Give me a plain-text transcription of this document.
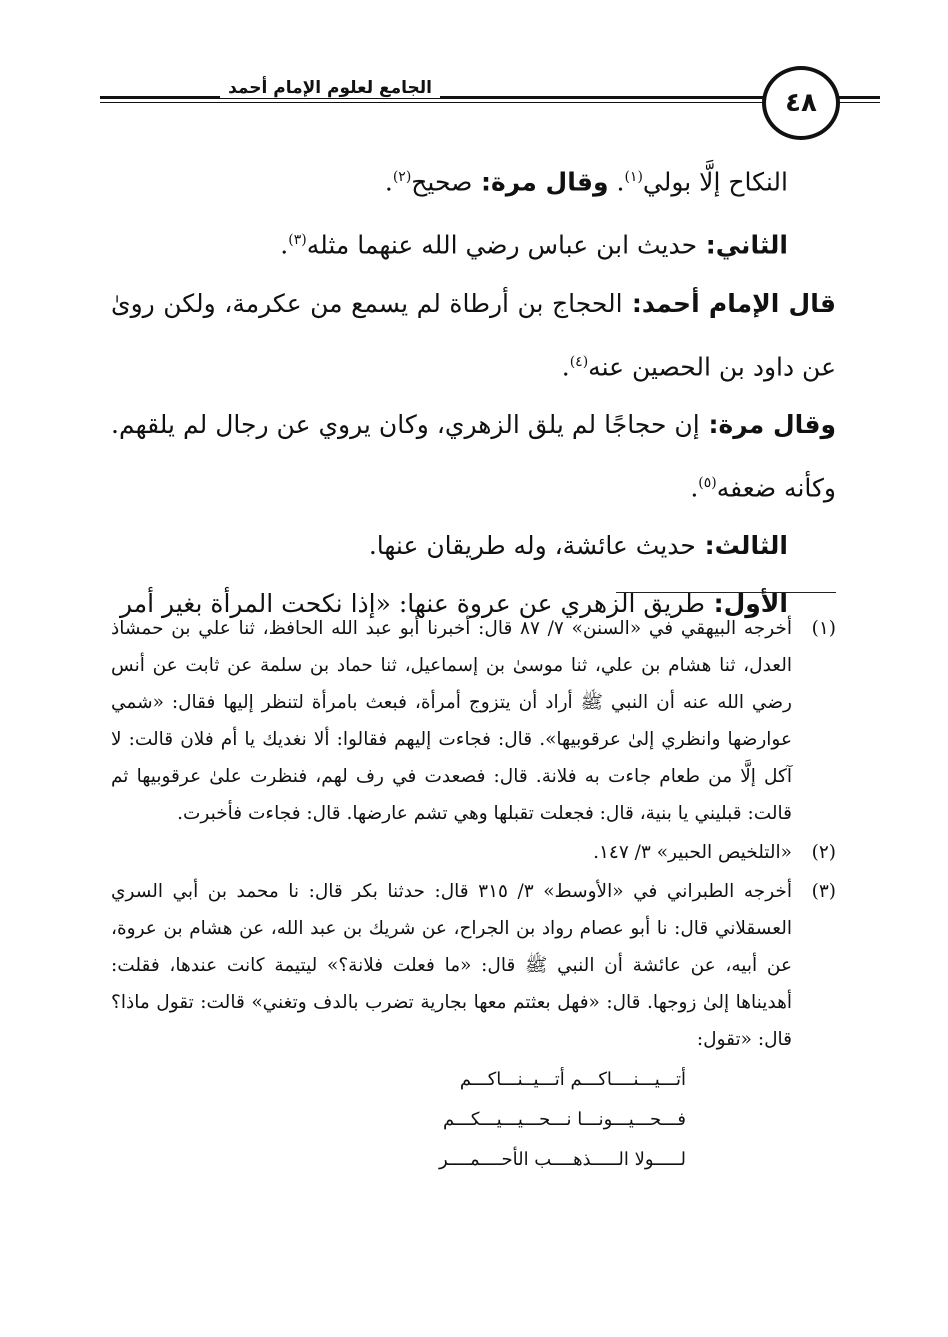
٤٨
الجامع لعلوم الإمام أحمد

النكاح إلَّا بولي$^{(١)}$. وقال مرة: صحيح$^{(٢)}$.

الثاني: حديث ابن عباس رضي الله عنهما مثله$^{(٣)}$.

قال الإمام أحمد: الحجاج بن أرطاة لم يسمع من عكرمة، ولكن روىٰ عن داود بن الحصين عنه$^{(٤)}$.

وقال مرة: إن حجاجًا لم يلق الزهري، وكان يروي عن رجال لم يلقهم. وكأنه ضعفه$^{(٥)}$.

الثالث: حديث عائشة، وله طريقان عنها.

الأول: طريق الزهري عن عروة عنها: «إذا نكحت المرأة بغير أمر

(١)
أخرجه البيهقي في «السنن» ٧/ ٨٧ قال: أخبرنا أبو عبد الله الحافظ، ثنا علي بن حمشاذ العدل، ثنا هشام بن علي، ثنا موسىٰ بن إسماعيل، ثنا حماد بن سلمة عن ثابت عن أنس رضي الله عنه أن النبي ﷺ أراد أن يتزوج أمرأة، فبعث بامرأة لتنظر إليها فقال: «شمي عوارضها وانظري إلىٰ عرقوبيها». قال: فجاءت إليهم فقالوا: ألا نغديك يا أم فلان قالت: لا آكل إلَّا من طعام جاءت به فلانة. قال: فصعدت في رف لهم، فنظرت علىٰ عرقوبيها ثم قالت: قبليني يا بنية، قال: فجعلت تقبلها وهي تشم عارضها. قال: فجاءت فأخبرت.
(٢)
«التلخيص الحبير» ٣/ ١٤٧.
(٣)
أخرجه الطبراني في «الأوسط» ٣/ ٣١٥ قال: حدثنا بكر قال: نا محمد بن أبي السري العسقلاني قال: نا أبو عصام رواد بن الجراح، عن شريك بن عبد الله، عن هشام بن عروة، عن أبيه، عن عائشة أن النبي ﷺ قال: «ما فعلت فلانة؟» ليتيمة كانت عندها، فقلت: أهديناها إلىٰ زوجها. قال: «فهل بعثتم معها بجارية تضرب بالدف وتغني» قالت: تقول ماذا؟ قال: «تقول:
أتـــيـــنــــاكـــم أتـــيــنـــاكـــم
فـــحـــيـــونـــا نـــحـــيـــيـــكـــم
لـــــولا الـــــذهــــب الأحــــمــــر
